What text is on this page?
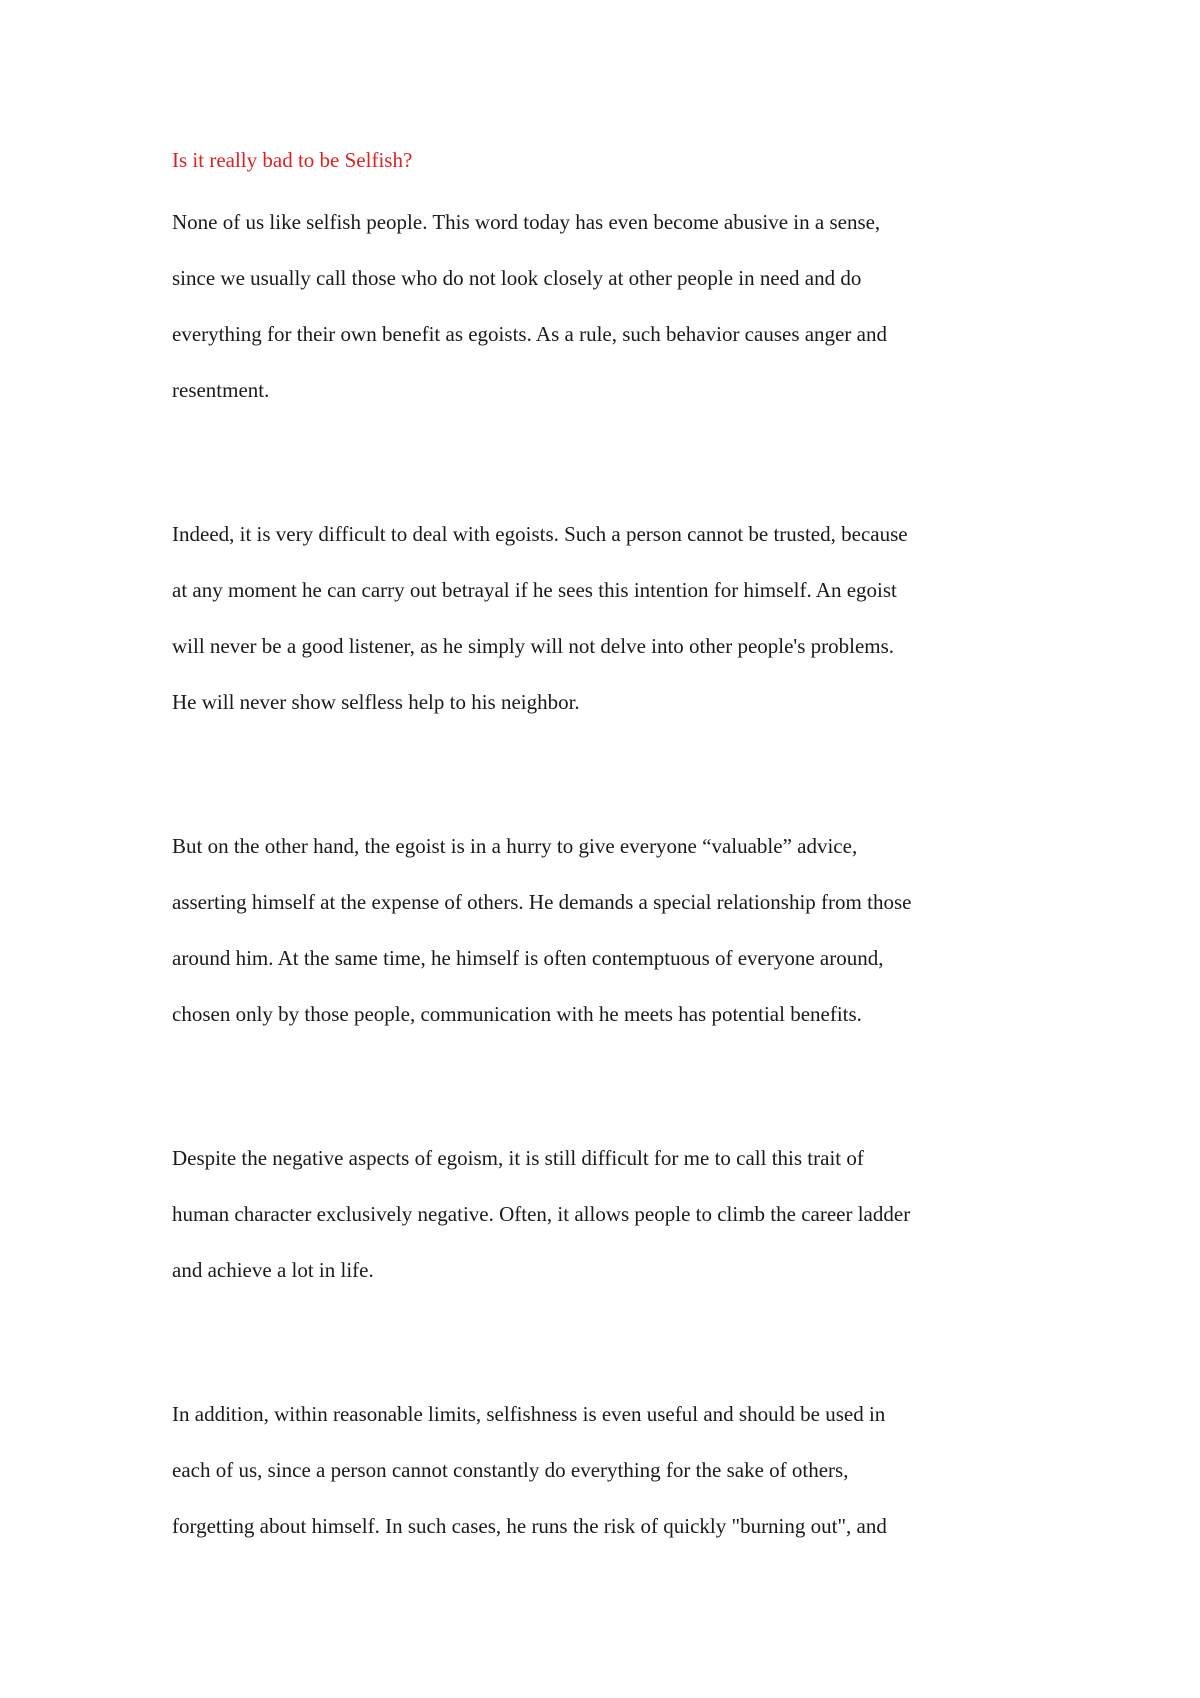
Is it really bad to be Selfish?
None of us like selfish people. This word today has even become abusive in a sense,
since we usually call those who do not look closely at other people in need and do
everything for their own benefit as egoists. As a rule, such behavior causes anger and
resentment.
Indeed, it is very difficult to deal with egoists. Such a person cannot be trusted, because
at any moment he can carry out betrayal if he sees this intention for himself. An egoist
will never be a good listener, as he simply will not delve into other people's problems.
He will never show selfless help to his neighbor.
But on the other hand, the egoist is in a hurry to give everyone “valuable” advice,
asserting himself at the expense of others. He demands a special relationship from those
around him. At the same time, he himself is often contemptuous of everyone around,
chosen only by those people, communication with he meets has potential benefits.
Despite the negative aspects of egoism, it is still difficult for me to call this trait of
human character exclusively negative. Often, it allows people to climb the career ladder
and achieve a lot in life.
In addition, within reasonable limits, selfishness is even useful and should be used in
each of us, since a person cannot constantly do everything for the sake of others,
forgetting about himself. In such cases, he runs the risk of quickly "burning out", and
